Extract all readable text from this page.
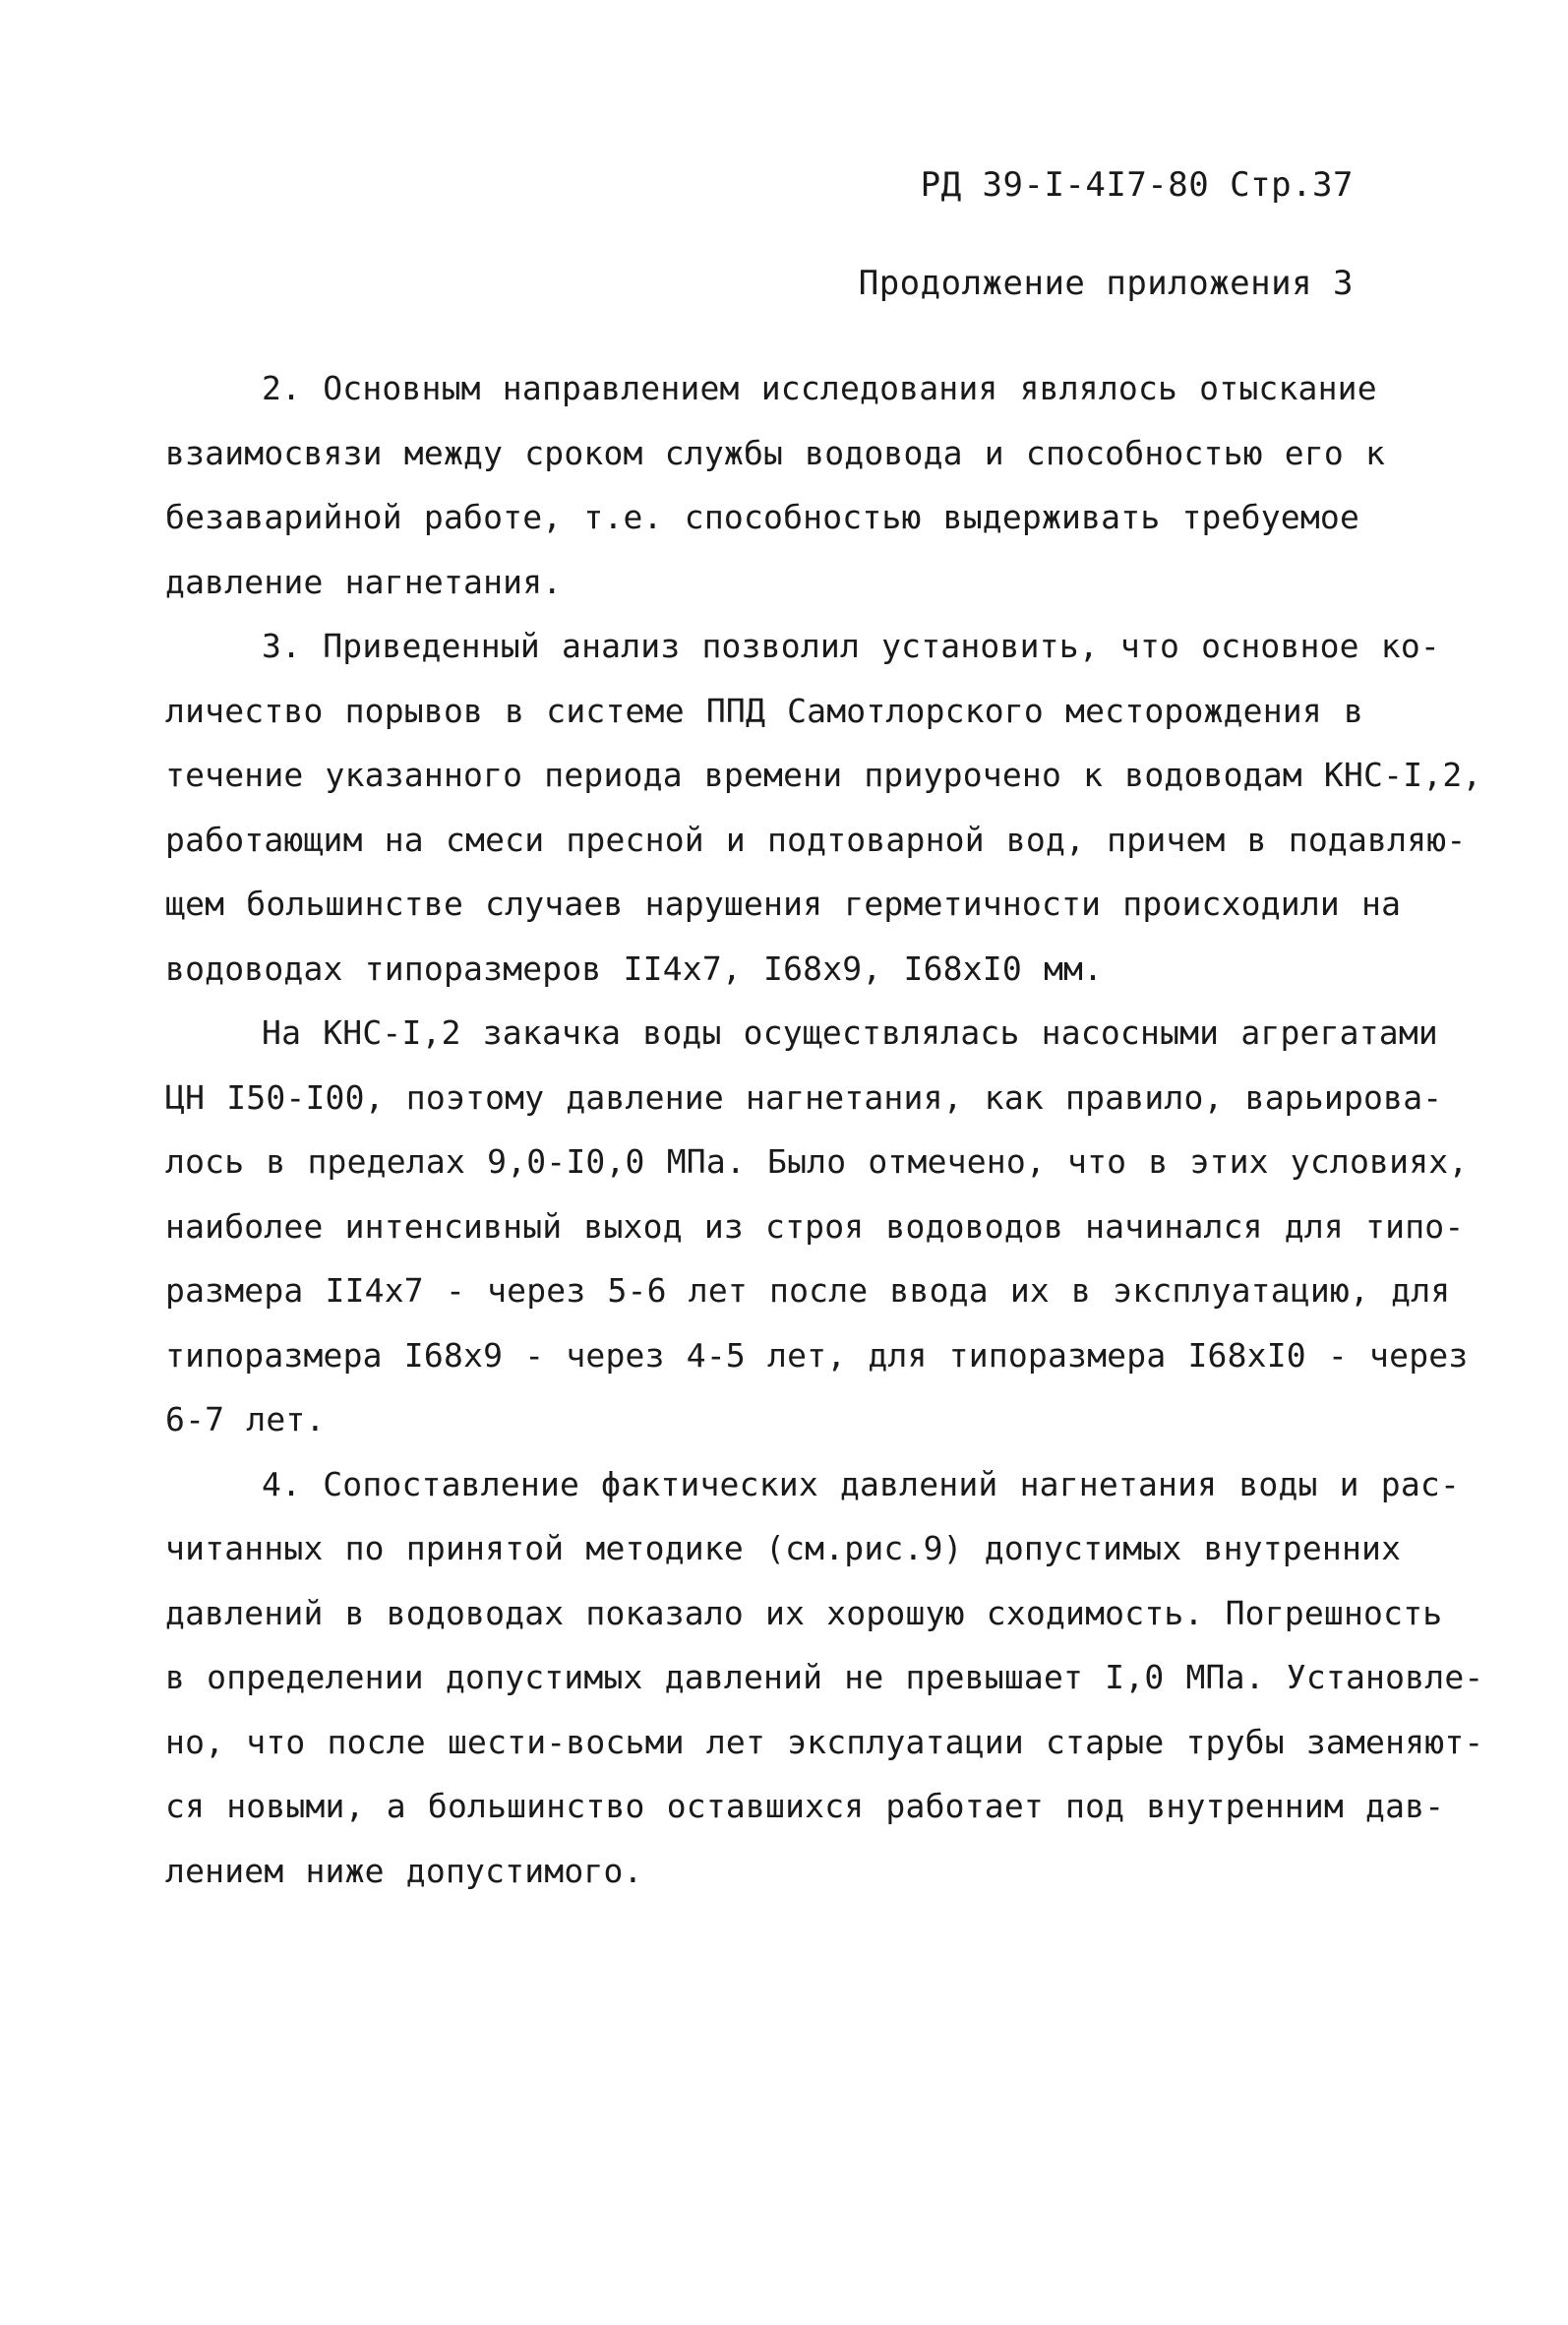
РД 39-I-4I7-80 Стр.37
Продолжение приложения 3
2. Основным направлением исследования являлось отыскание
взаимосвязи между сроком службы водовода и способностью его к
безаварийной работе, т.е. способностью выдерживать требуемое
давление нагнетания.
3. Приведенный анализ позволил установить, что основное ко-
личество порывов в системе ППД Самотлорского месторождения в
течение указанного периода времени приурочено к водоводам КНС-I,2,
работающим на смеси пресной и подтоварной вод, причем в подавляю-
щем большинстве случаев нарушения герметичности происходили на
водоводах типоразмеров II4x7, I68x9, I68xI0 мм.
На КНС-I,2 закачка воды осуществлялась насосными агрегатами
ЦН I50-I00, поэтому давление нагнетания, как правило, варьирова-
лось в пределах 9,0-I0,0 МПа. Было отмечено, что в этих условиях,
наиболее интенсивный выход из строя водоводов начинался для типо-
размера II4x7 - через 5-6 лет после ввода их в эксплуатацию, для
типоразмера I68x9 - через 4-5 лет, для типоразмера I68xI0 - через
6-7 лет.
4. Сопоставление фактических давлений нагнетания воды и рас-
читанных по принятой методике (см.рис.9) допустимых внутренних
давлений в водоводах показало их хорошую сходимость. Погрешность
в определении допустимых давлений не превышает I,0 МПа. Установле-
но, что после шести-восьми лет эксплуатации старые трубы заменяют-
ся новыми, а большинство оставшихся работает под внутренним дав-
лением ниже допустимого.
